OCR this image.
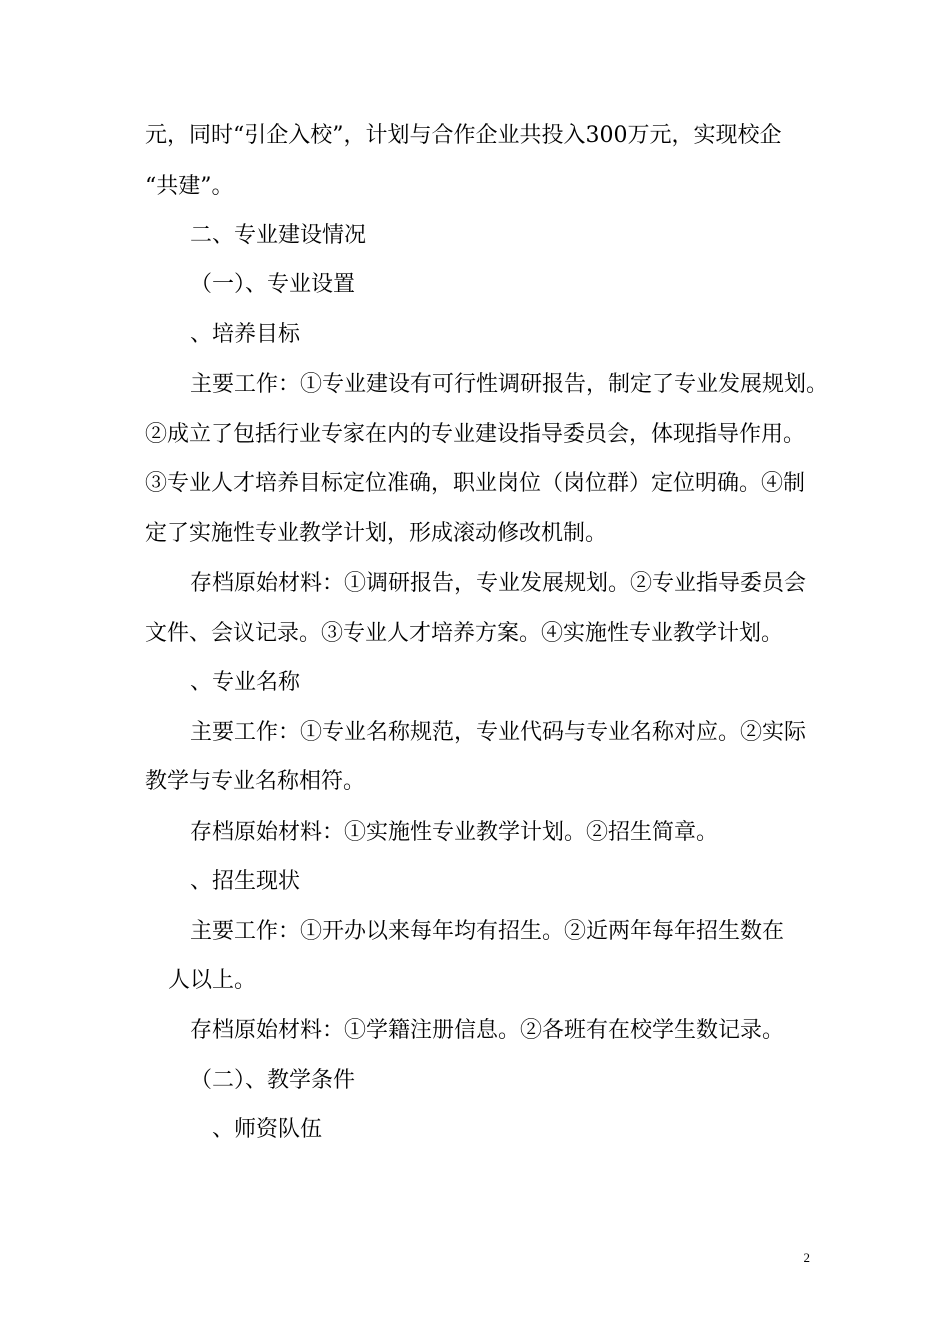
元，同时“引企入校”，计划与合作企业共投入300万元，实现校企
“共建”。
二、专业建设情况
（一）、专业设置
、培养目标
主要工作：①专业建设有可行性调研报告，制定了专业发展规划。
②成立了包括行业专家在内的专业建设指导委员会，体现指导作用。
③专业人才培养目标定位准确，职业岗位（岗位群）定位明确。④制
定了实施性专业教学计划，形成滚动修改机制。
存档原始材料：①调研报告，专业发展规划。②专业指导委员会
文件、会议记录。③专业人才培养方案。④实施性专业教学计划。
、专业名称
主要工作：①专业名称规范，专业代码与专业名称对应。②实际
教学与专业名称相符。
存档原始材料：①实施性专业教学计划。②招生简章。
、招生现状
主要工作：①开办以来每年均有招生。②近两年每年招生数在
人以上。
存档原始材料：①学籍注册信息。②各班有在校学生数记录。
（二）、教学条件
、师资队伍
2
